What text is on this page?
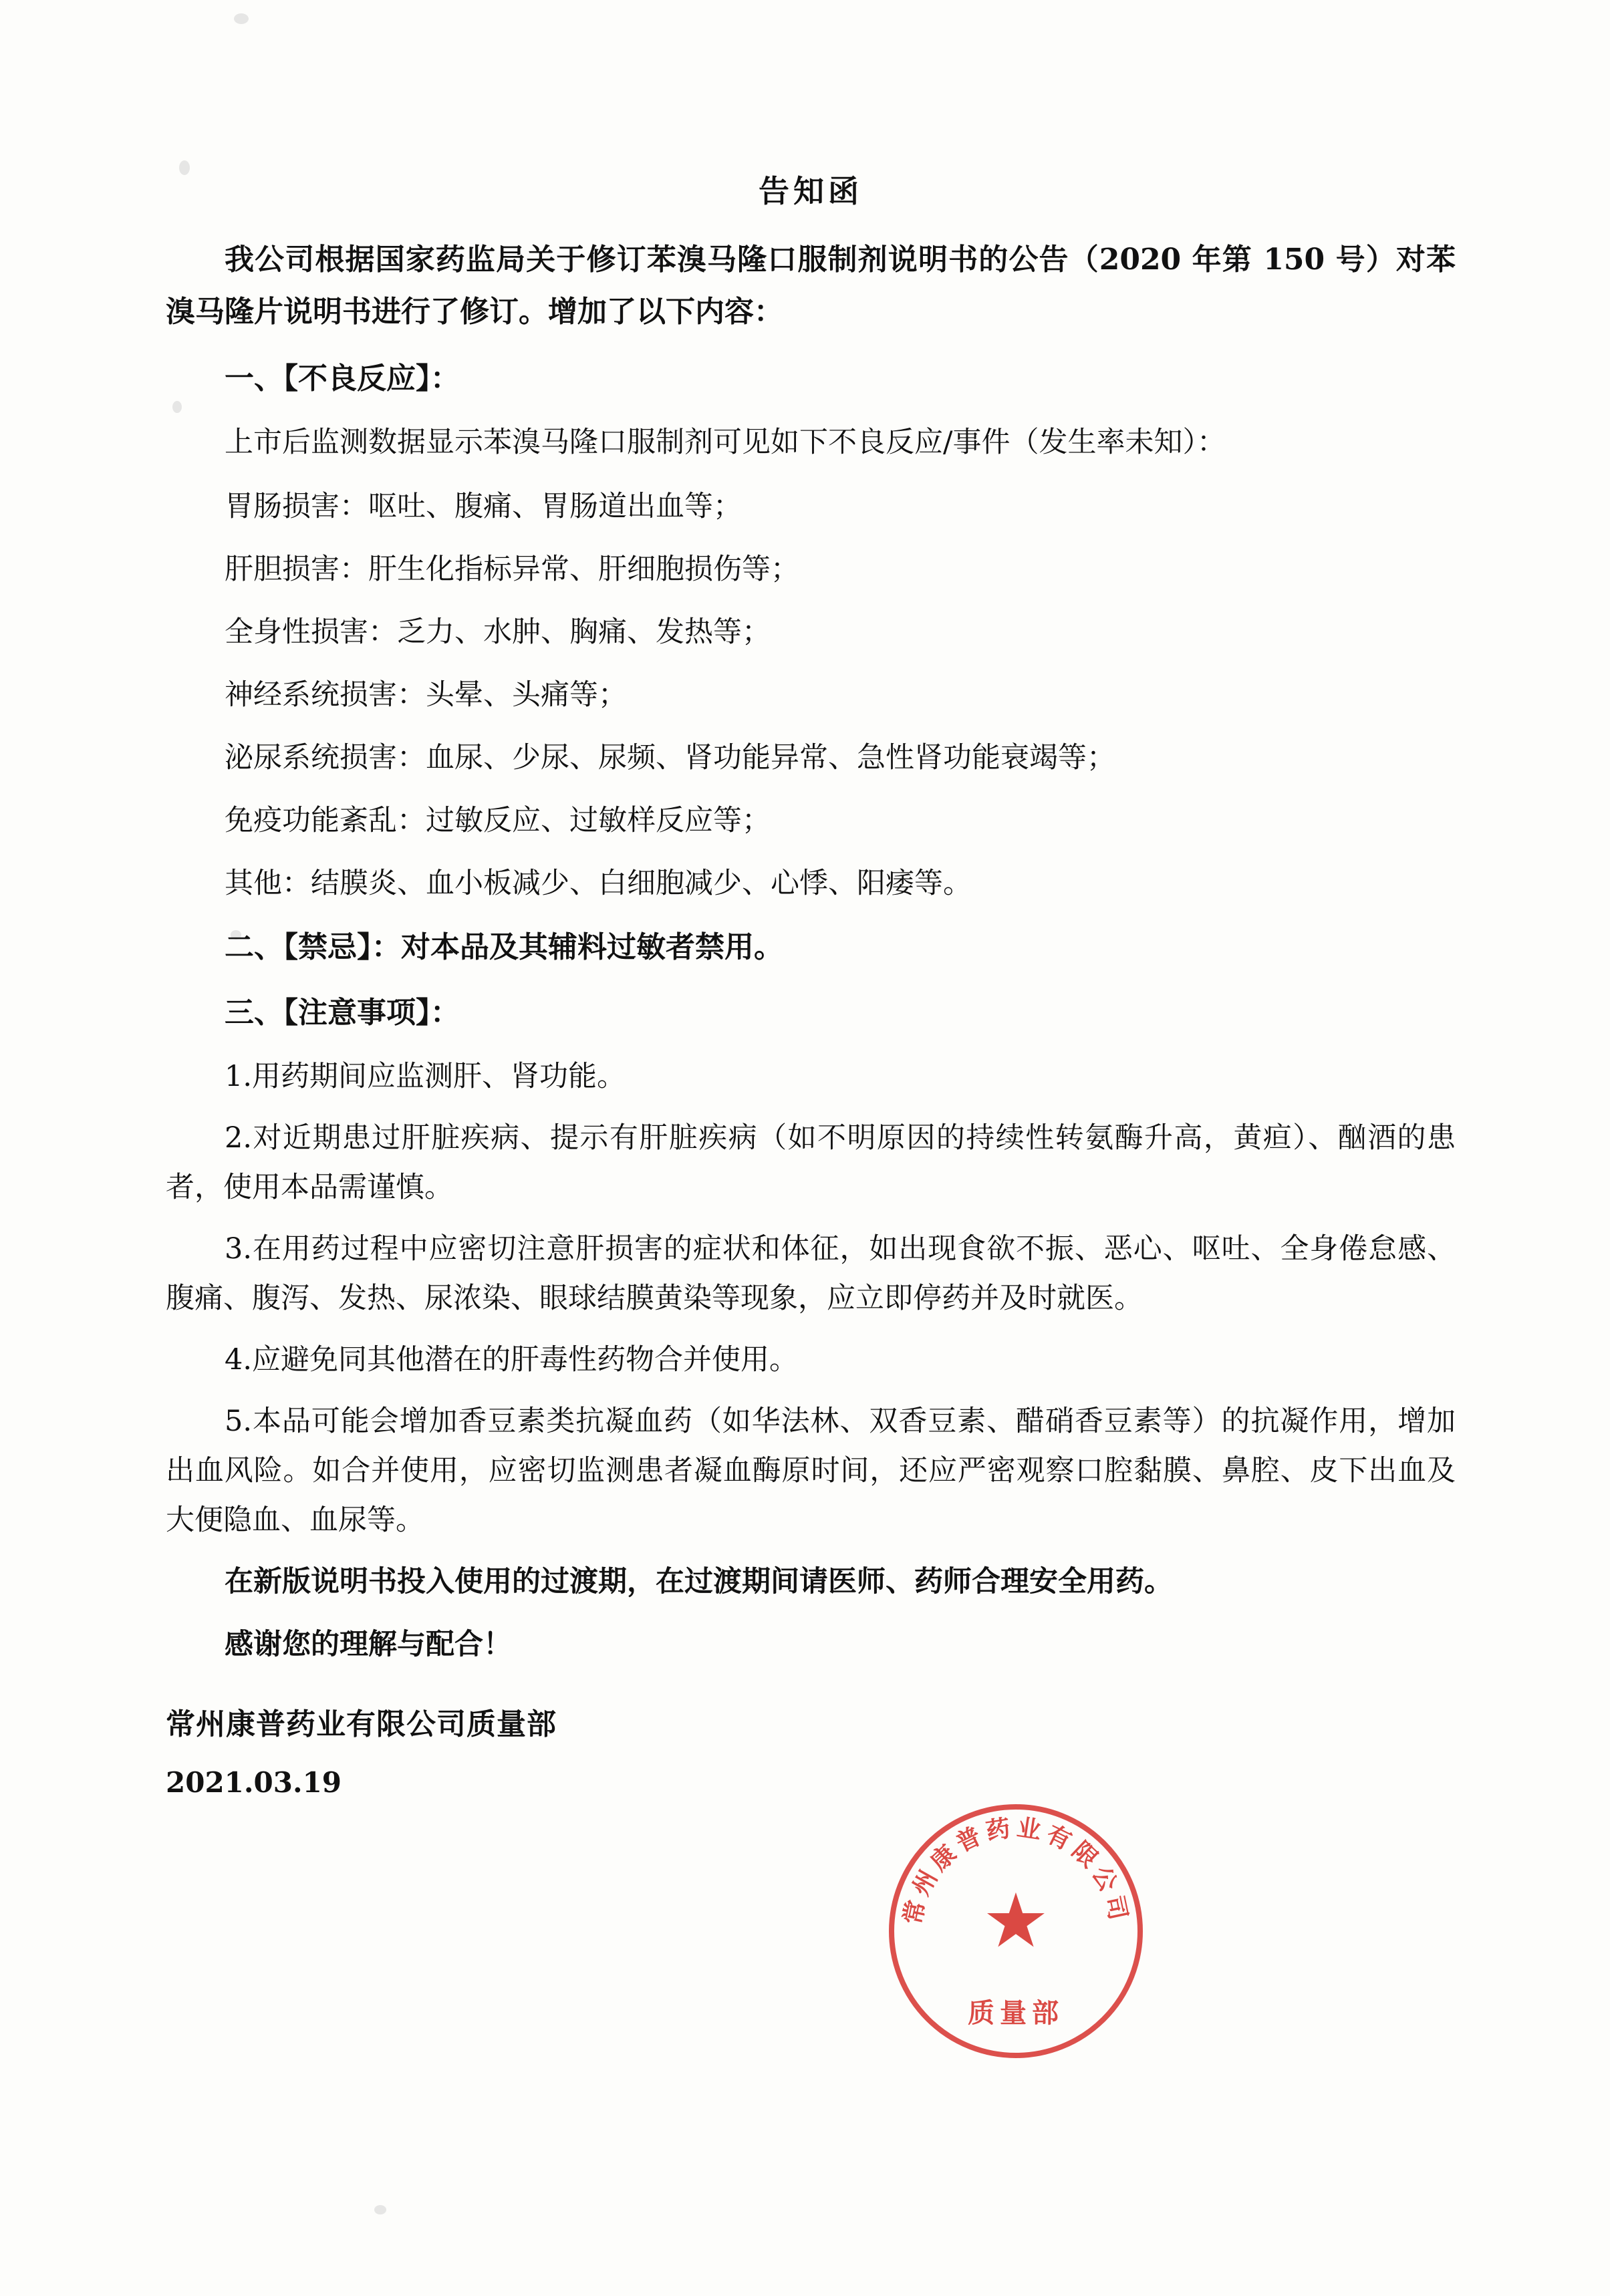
告知函

我公司根据国家药监局关于修订苯溴马隆口服制剂说明书的公告（2020 年第 150 号）对苯溴马隆片说明书进行了修订。增加了以下内容：

一、【不良反应】：

上市后监测数据显示苯溴马隆口服制剂可见如下不良反应/事件（发生率未知）：

胃肠损害：呕吐、腹痛、胃肠道出血等；

肝胆损害：肝生化指标异常、肝细胞损伤等；

全身性损害：乏力、水肿、胸痛、发热等；

神经系统损害：头晕、头痛等；

泌尿系统损害：血尿、少尿、尿频、肾功能异常、急性肾功能衰竭等；

免疫功能紊乱：过敏反应、过敏样反应等；

其他：结膜炎、血小板减少、白细胞减少、心悸、阳痿等。

二、【禁忌】：对本品及其辅料过敏者禁用。

三、【注意事项】：

1.用药期间应监测肝、肾功能。

2.对近期患过肝脏疾病、提示有肝脏疾病（如不明原因的持续性转氨酶升高，黄疸）、酗酒的患者，使用本品需谨慎。

3.在用药过程中应密切注意肝损害的症状和体征，如出现食欲不振、恶心、呕吐、全身倦怠感、腹痛、腹泻、发热、尿浓染、眼球结膜黄染等现象，应立即停药并及时就医。

4.应避免同其他潜在的肝毒性药物合并使用。

5.本品可能会增加香豆素类抗凝血药（如华法林、双香豆素、醋硝香豆素等）的抗凝作用，增加出血风险。如合并使用，应密切监测患者凝血酶原时间，还应严密观察口腔黏膜、鼻腔、皮下出血及大便隐血、血尿等。

在新版说明书投入使用的过渡期，在过渡期间请医师、药师合理安全用药。

感谢您的理解与配合！

常州康普药业有限公司质量部

2021.03.19

常州康普药业有限公司
★
质量部
